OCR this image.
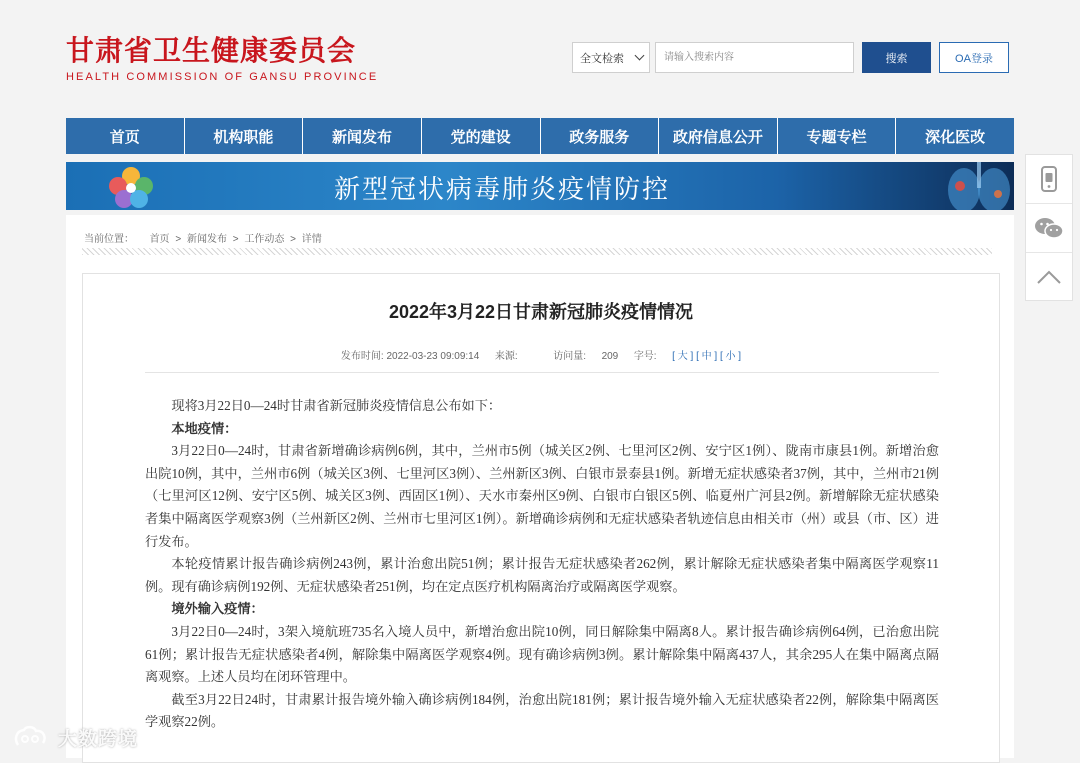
甘肃省卫生健康委员会
HEALTH COMMISSION OF GANSU PROVINCE
全文检索
请输入搜索内容	搜索	OA登录
首页	机构职能	新闻发布	党的建设	政务服务	政府信息公开	专题专栏	深化医改
新型冠状病毒肺炎疫情防控
当前位置： 首页 > 新闻发布 > 工作动态 > 详情
2022年3月22日甘肃新冠肺炎疫情情况
发布时间: 2022-03-23 09:09:14 来源:	访问量: 209 字号: [ 大 ] [ 中 ] [ 小 ]

现将3月22日0—24时甘肃省新冠肺炎疫情信息公布如下：

本地疫情：

3月22日0—24时，甘肃省新增确诊病例6例，其中，兰州市5例（城关区2例、七里河区2例、安宁区1例）、陇南市康县1例。新增治愈出院10例，其中，兰州市6例（城关区3例、七里河区3例）、兰州新区3例、白银市景泰县1例。新增无症状感染者37例，其中，兰州市21例（七里河区12例、安宁区5例、城关区3例、西固区1例）、天水市秦州区9例、白银市白银区5例、临夏州广河县2例。新增解除无症状感染者集中隔离医学观察3例（兰州新区2例、兰州市七里河区1例）。新增确诊病例和无症状感染者轨迹信息由相关市（州）或县（市、区）进行发布。

本轮疫情累计报告确诊病例243例，累计治愈出院51例；累计报告无症状感染者262例，累计解除无症状感染者集中隔离医学观察11例。现有确诊病例192例、无症状感染者251例，均在定点医疗机构隔离治疗或隔离医学观察。

境外输入疫情：

3月22日0—24时，3架入境航班735名入境人员中，新增治愈出院10例，同日解除集中隔离8人。累计报告确诊病例64例，已治愈出院61例；累计报告无症状感染者4例，解除集中隔离医学观察4例。现有确诊病例3例。累计解除集中隔离437人，其余295人在集中隔离点隔离观察。上述人员均在闭环管理中。

截至3月22日24时，甘肃累计报告境外输入确诊病例184例，治愈出院181例；累计报告境外输入无症状感染者22例，解除集中隔离医学观察22例。

大数跨境
